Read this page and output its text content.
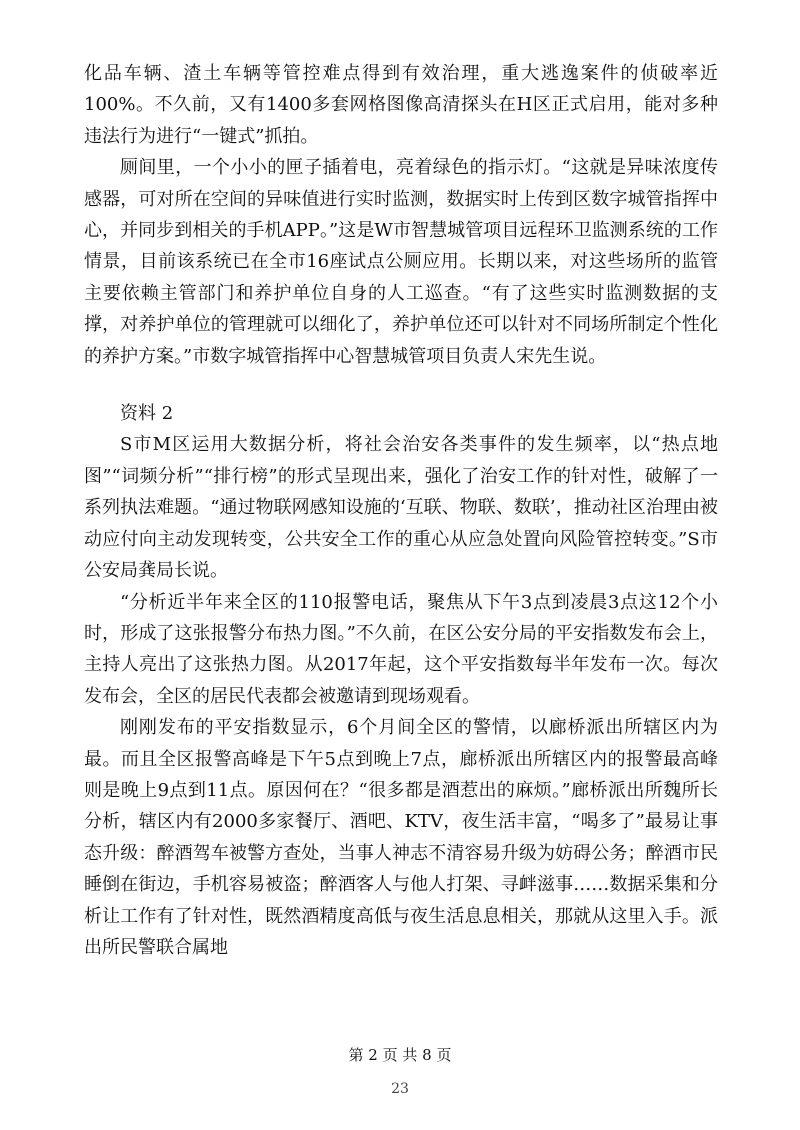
化品车辆、渣土车辆等管控难点得到有效治理，重大逃逸案件的侦破率近100%。不久前，又有1400多套网格图像高清探头在H区正式启用，能对多种违法行为进行“一键式”抓拍。

厕间里，一个小小的匣子插着电，亮着绿色的指示灯。“这就是异味浓度传感器，可对所在空间的异味值进行实时监测，数据实时上传到区数字城管指挥中心，并同步到相关的手机APP。”这是W市智慧城管项目远程环卫监测系统的工作情景，目前该系统已在全市16座试点公厕应用。长期以来，对这些场所的监管主要依赖主管部门和养护单位自身的人工巡查。“有了这些实时监测数据的支撑，对养护单位的管理就可以细化了，养护单位还可以针对不同场所制定个性化的养护方案。”市数字城管指挥中心智慧城管项目负责人宋先生说。

资料 2

S市M区运用大数据分析，将社会治安各类事件的发生频率，以“热点地图”“词频分析”“排行榜”的形式呈现出来，强化了治安工作的针对性，破解了一系列执法难题。“通过物联网感知设施的‘互联、物联、数联’，推动社区治理由被动应付向主动发现转变，公共安全工作的重心从应急处置向风险管控转变。”S市公安局龚局长说。

“分析近半年来全区的110报警电话，聚焦从下午3点到凌晨3点这12个小时，形成了这张报警分布热力图。”不久前，在区公安分局的平安指数发布会上，主持人亮出了这张热力图。从2017年起，这个平安指数每半年发布一次。每次发布会，全区的居民代表都会被邀请到现场观看。

刚刚发布的平安指数显示，6个月间全区的警情，以廊桥派出所辖区内为最。而且全区报警高峰是下午5点到晚上7点，廊桥派出所辖区内的报警最高峰则是晚上9点到11点。原因何在？“很多都是酒惹出的麻烦。”廊桥派出所魏所长分析，辖区内有2000多家餐厅、酒吧、KTV，夜生活丰富，“喝多了”最易让事态升级：醉酒驾车被警方查处，当事人神志不清容易升级为妨碍公务；醉酒市民睡倒在街边，手机容易被盗；醉酒客人与他人打架、寻衅滋事……数据采集和分析让工作有了针对性，既然酒精度高低与夜生活息息相关，那就从这里入手。派出所民警联合属地

第 2 页 共 8 页
23
